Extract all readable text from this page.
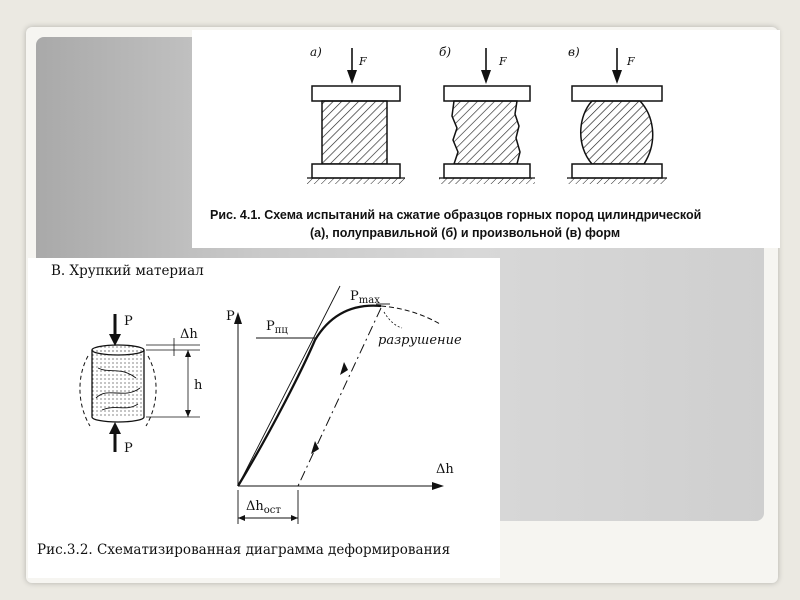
а)
F
б)
F
в)
F
Рис. 4.1. Схема испытаний на сжатие образцов горных пород цилиндрической
(а), полуправильной (б) и произвольной (в) форм
В. Хрупкий материал
P
P
Δh
h
P
Δh
$P_{пц}$
$P_{max}$
разрушение
$\Delta h_{ост}$
Рис.3.2. Схематизированная диаграмма деформирования
